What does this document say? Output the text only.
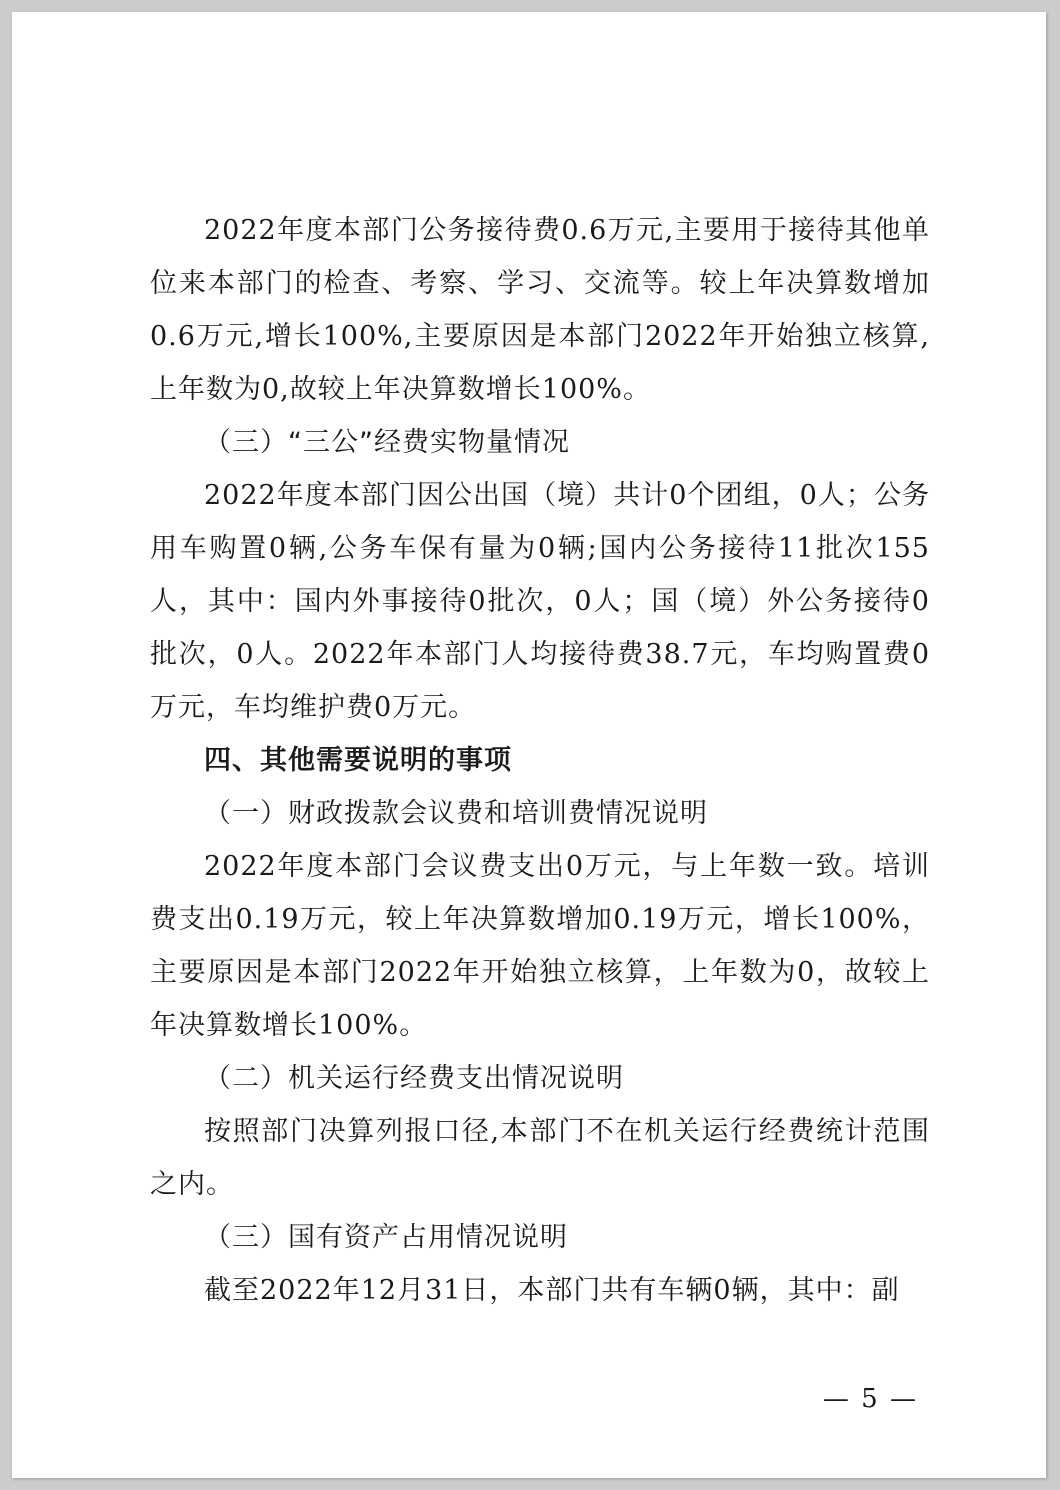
2022年度本部门公务接待费0.6万元,主要用于接待其他单位来本部门的检查、考察、学习、交流等。较上年决算数增加0.6万元,增长100%,主要原因是本部门2022年开始独立核算,上年数为0,故较上年决算数增长100%。

（三）“三公”经费实物量情况

2022年度本部门因公出国（境）共计0个团组，0人；公务用车购置0辆,公务车保有量为0辆;国内公务接待11批次155人，其中：国内外事接待0批次，0人；国（境）外公务接待0批次，0人。2022年本部门人均接待费38.7元，车均购置费0万元，车均维护费0万元。

四、其他需要说明的事项

（一）财政拨款会议费和培训费情况说明

2022年度本部门会议费支出0万元，与上年数一致。培训费支出0.19万元，较上年决算数增加0.19万元，增长100%，主要原因是本部门2022年开始独立核算，上年数为0，故较上年决算数增长100%。

（二）机关运行经费支出情况说明

按照部门决算列报口径,本部门不在机关运行经费统计范围之内。

（三）国有资产占用情况说明

截至2022年12月31日，本部门共有车辆0辆，其中：副

— 5 —
